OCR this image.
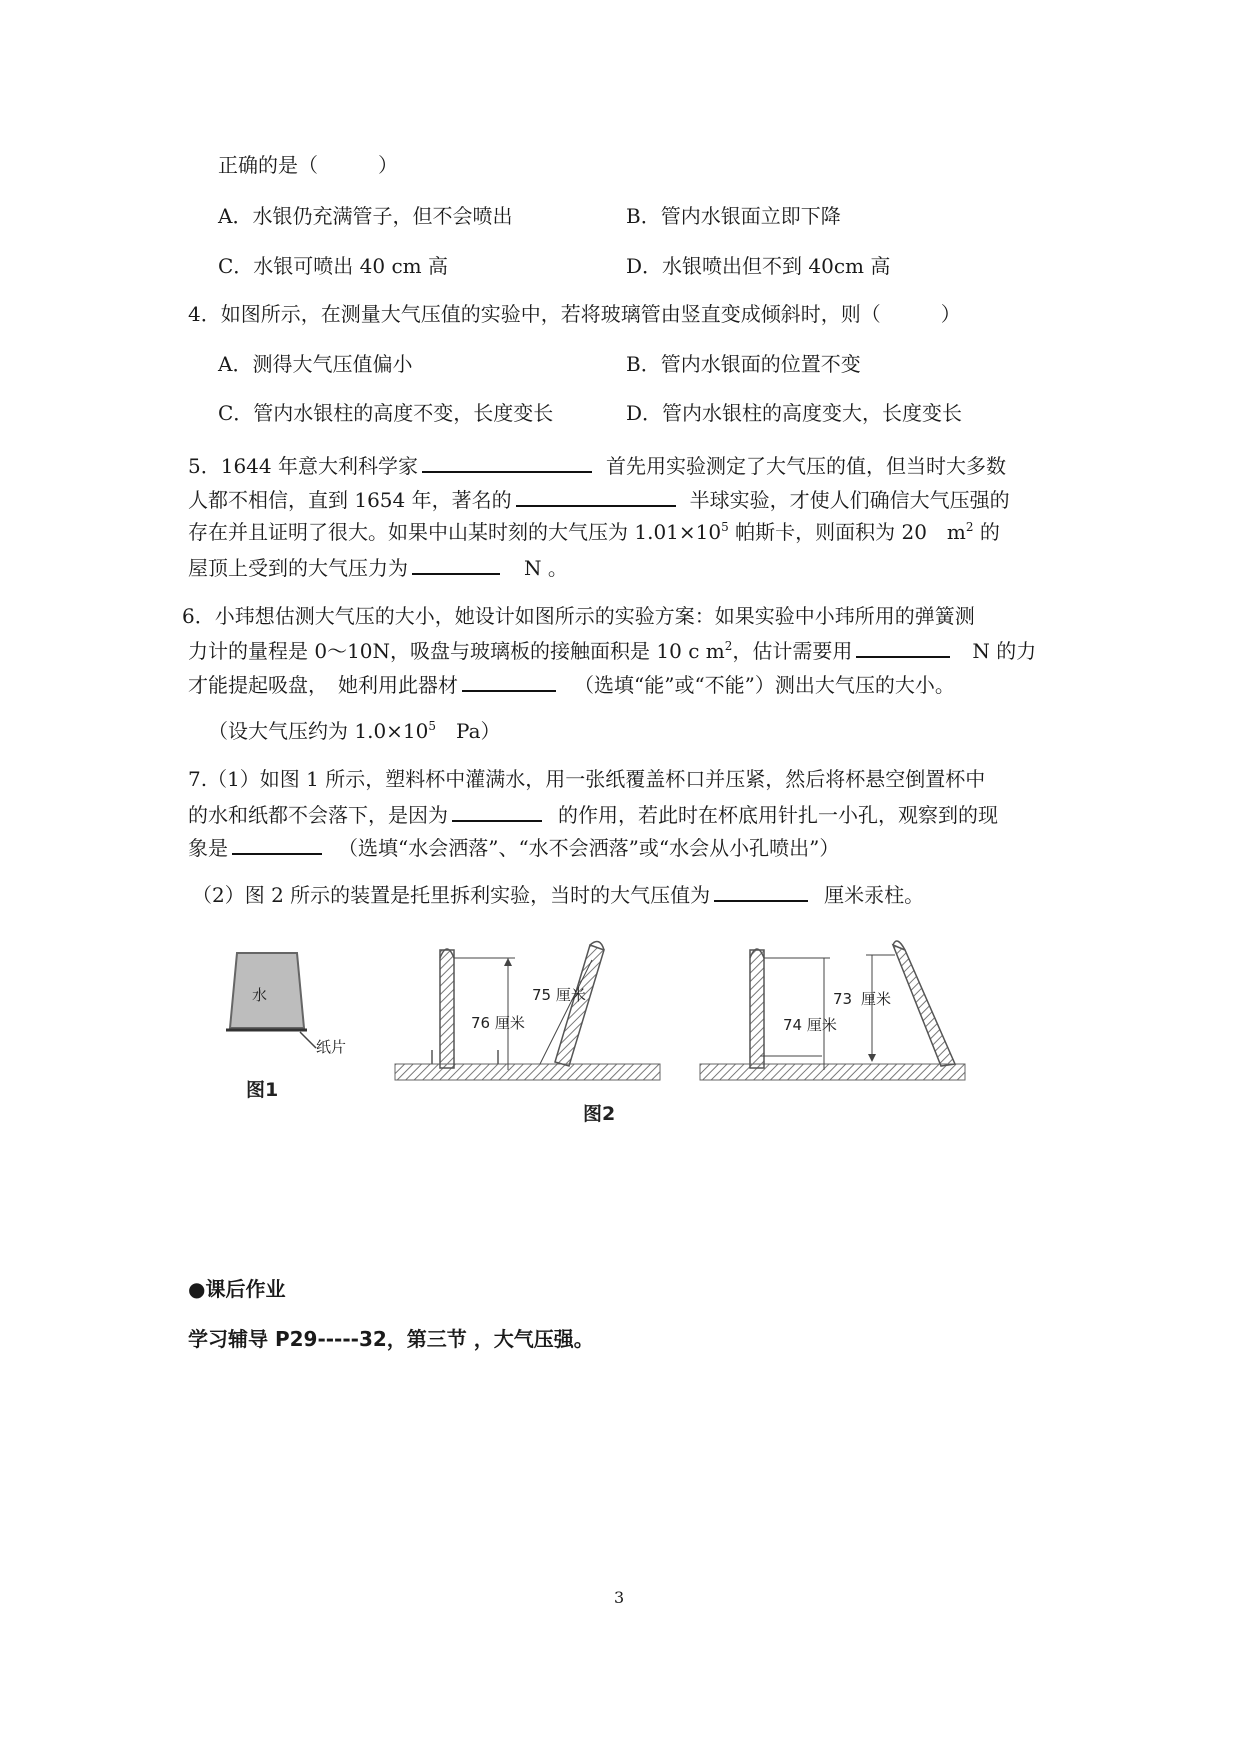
正确的是（　　　）
A．水银仍充满管子，但不会喷出	B．管内水银面立即下降
C．水银可喷出 40 cm 高	D．水银喷出但不到 40cm 高
4．如图所示，在测量大气压值的实验中，若将玻璃管由竖直变成倾斜时，则（　　　）
A．测得大气压值偏小	B．管内水银面的位置不变
C．管内水银柱的高度不变，长度变长	D．管内水银柱的高度变大，长度变长
5．1644 年意大利科学家	首先用实验测定了大气压的值，但当时大多数
人都不相信，直到 1654 年，著名的	半球实验，才使人们确信大气压强的
存在并且证明了很大。如果中山某时刻的大气压为 $1.01\times 10^5$ 帕斯卡，则面积为 20　$m^2$ 的
屋顶上受到的大气压力为	N 。
6．小玮想估测大气压的大小，她设计如图所示的实验方案：如果实验中小玮所用的弹簧测
力计的量程是 0～10N，吸盘与玻璃板的接触面积是 10 c $m^2$，估计需要用	N 的力
才能提起吸盘，　她利用此器材	（选填“能”或“不能”）测出大气压的大小。
（设大气压约为 $1.0\times 10^5$　Pa）
7.（1）如图 1 所示，塑料杯中灌满水，用一张纸覆盖杯口并压紧，然后将杯悬空倒置杯中
的水和纸都不会落下，是因为	的作用，若此时在杯底用针扎一小孔，观察到的现
象是	（选填“水会洒落”、“水不会洒落”或“水会从小孔喷出”）
（2）图 2 所示的装置是托里拆利实验，当时的大气压值为	厘米汞柱。
水
纸片
图1
76 厘米
75 厘米
74 厘米
73 厘米
图2
●课后作业
学习辅导 P29-----32，第三节 ，大气压强。
3
